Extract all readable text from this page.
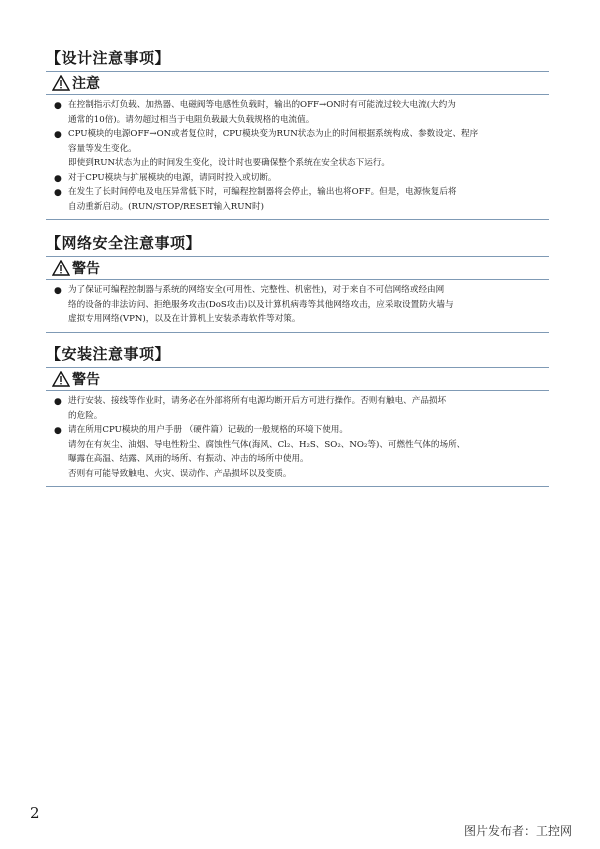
【设计注意事项】
注意
● 在控制指示灯负载、加热器、电磁阀等电感性负载时，输出的OFF→ON时有可能流过较大电流(大约为
通常的10倍)。请勿超过相当于电阻负载最大负载规格的电流值。
● CPU模块的电源OFF→ON或者复位时，CPU模块变为RUN状态为止的时间根据系统构成、参数设定、程序
容量等发生变化。
即使到RUN状态为止的时间发生变化，设计时也要确保整个系统在安全状态下运行。
● 对于CPU模块与扩展模块的电源，请同时投入或切断。
● 在发生了长时间停电及电压异常低下时，可编程控制器将会停止，输出也将OFF。但是，电源恢复后将
自动重新启动。(RUN/STOP/RESET输入RUN时)
【网络安全注意事项】
警告
● 为了保证可编程控制器与系统的网络安全(可用性、完整性、机密性)，对于来自不可信网络或经由网
络的设备的非法访问、拒绝服务攻击(DoS攻击)以及计算机病毒等其他网络攻击，应采取设置防火墙与
虚拟专用网络(VPN)，以及在计算机上安装杀毒软件等对策。
【安装注意事项】
警告
● 进行安装、接线等作业时，请务必在外部将所有电源均断开后方可进行操作。否则有触电、产品损坏
的危险。
● 请在所用CPU模块的用户手册 （硬件篇）记载的一般规格的环境下使用。
请勿在有灰尘、油烟、导电性粉尘、腐蚀性气体(海风、Cl₂、H₂S、SO₂、NO₂等)、可燃性气体的场所、
曝露在高温、结露、风雨的场所、有振动、冲击的场所中使用。
否则有可能导致触电、火灾、误动作、产品损坏以及变质。
2
图片发布者：工控网
